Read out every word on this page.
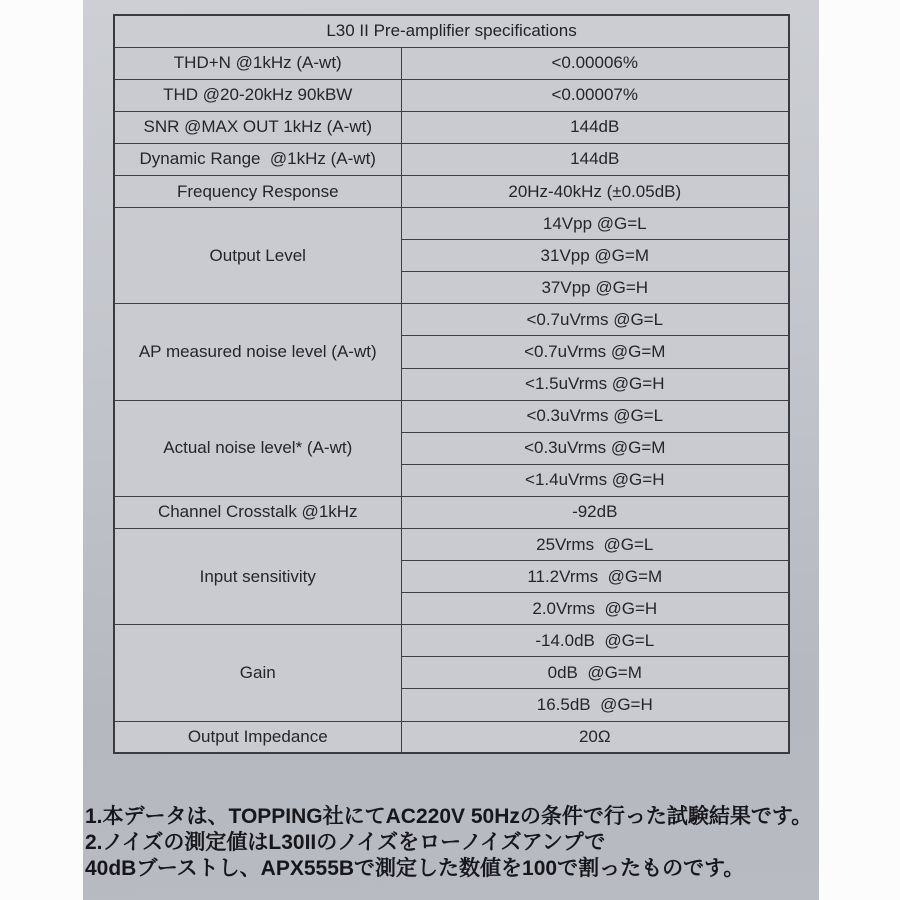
L30 II Pre-amplifier specifications	
THD+N @1kHz (A-wt)	<0.00006%
THD @20-20kHz 90kBW	<0.00007%
SNR @MAX OUT 1kHz (A-wt)	144dB
Dynamic Range  @1kHz (A-wt)	144dB
Frequency Response	20Hz-40kHz (±0.05dB)
Output Level	14Vpp @G=L
	31Vpp @G=M
	37Vpp @G=H
AP measured noise level (A-wt)	<0.7uVrms @G=L
	<0.7uVrms @G=M
	<1.5uVrms @G=H
Actual noise level* (A-wt)	<0.3uVrms @G=L
	<0.3uVrms @G=M
	<1.4uVrms @G=H
Channel Crosstalk @1kHz	-92dB
Input sensitivity	25Vrms  @G=L
	11.2Vrms  @G=M
	2.0Vrms  @G=H
Gain	-14.0dB  @G=L
	0dB  @G=M
	16.5dB  @G=H
Output Impedance	20Ω
1.本データは、TOPPING社にてAC220V 50Hzの条件で行った試験結果です。
2.ノイズの測定値はL30IIのノイズをローノイズアンプで
40dBブーストし、APX555Bで測定した数値を100で割ったものです。
